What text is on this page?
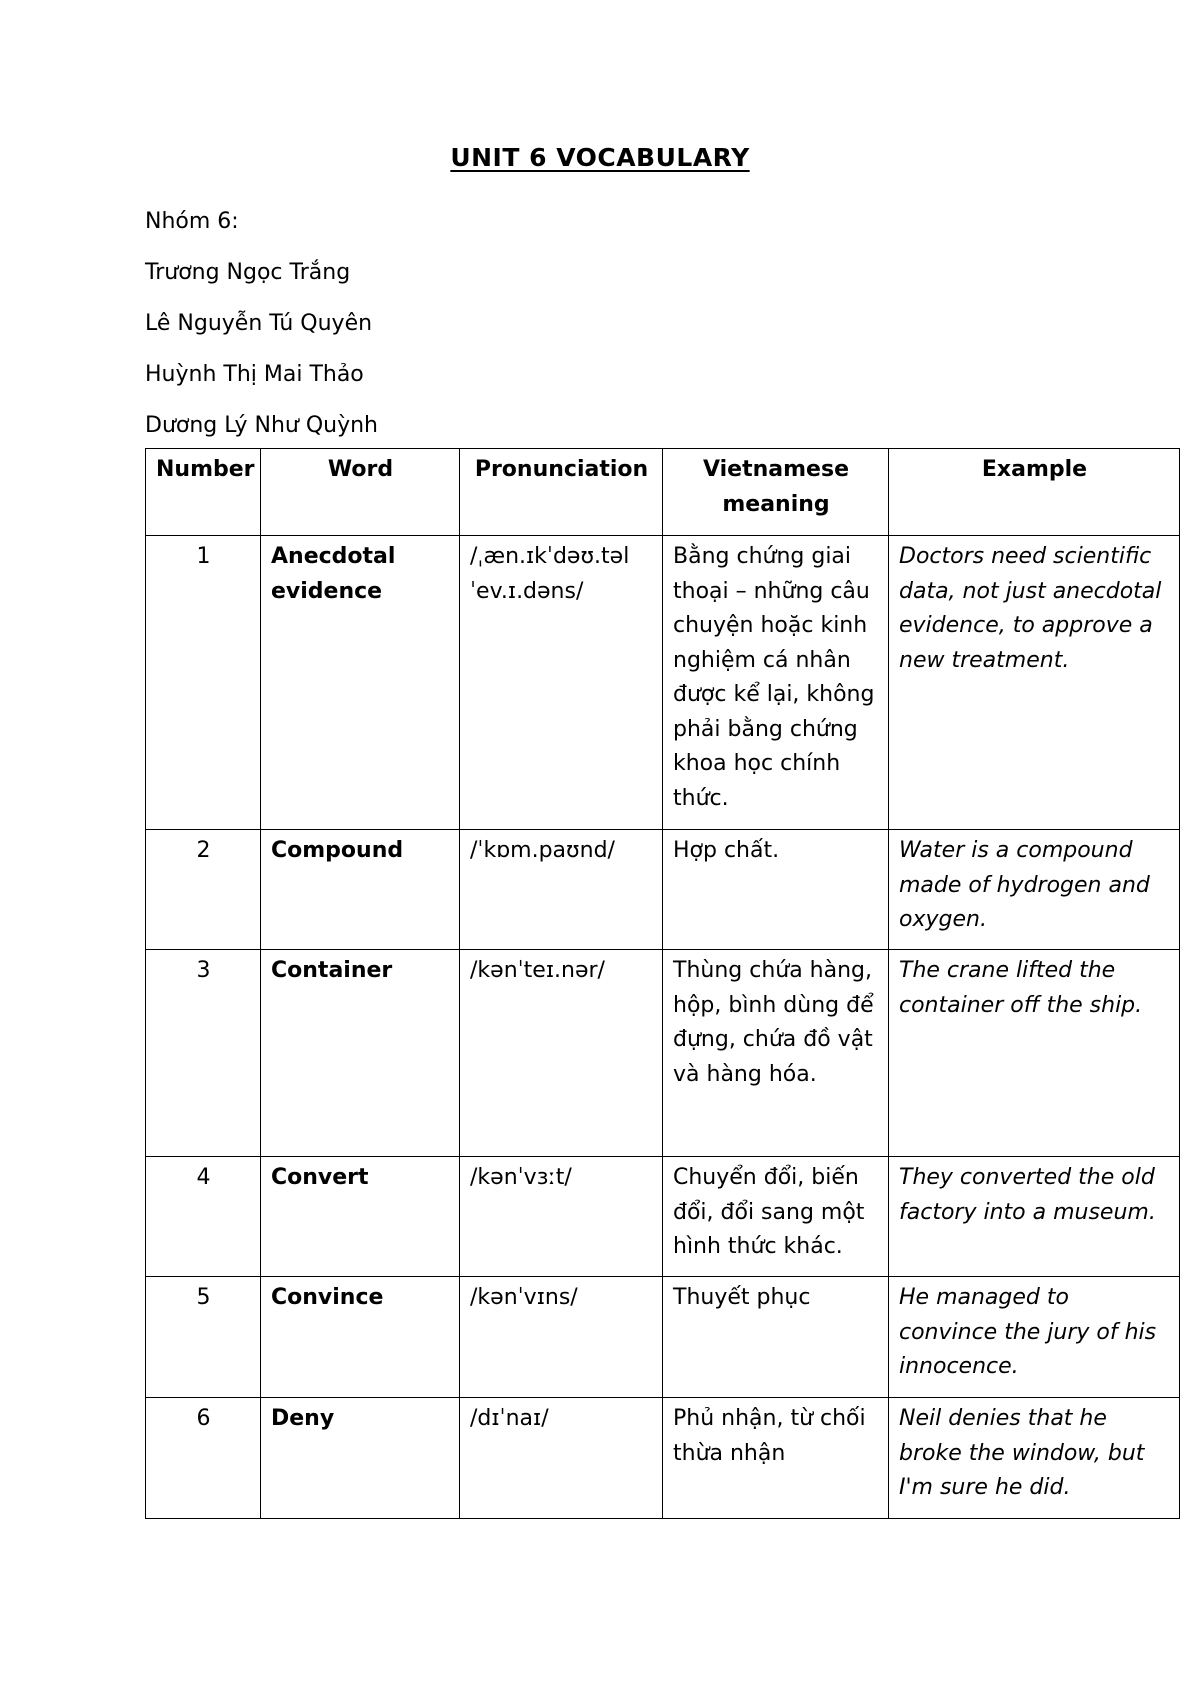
UNIT 6 VOCABULARY
Nhóm 6:
Trương Ngọc Trắng
Lê Nguyễn Tú Quyên
Huỳnh Thị Mai Thảo
Dương Lý Như Quỳnh
Number	Word	Pronunciation	Vietnamese meaning	Example
1	Anecdotal evidence	/ˌæn.ɪkˈdəʊ.təl ˈev.ɪ.dəns/	Bằng chứng giai thoại – những câu chuyện hoặc kinh nghiệm cá nhân được kể lại, không phải bằng chứng khoa học chính thức.	Doctors need scientific data, not just anecdotal evidence, to approve a new treatment.
2	Compound	/ˈkɒm.paʊnd/	Hợp chất.	Water is a compound made of hydrogen and oxygen.
3	Container	/kənˈteɪ.nər/	Thùng chứa hàng, hộp, bình dùng để đựng, chứa đồ vật và hàng hóa.	The crane lifted the container off the ship.
4	Convert	/kənˈvɜːt/	Chuyển đổi, biến đổi, đổi sang một hình thức khác.	They converted the old factory into a museum.
5	Convince	/kənˈvɪns/	Thuyết phục	He managed to convince the jury of his innocence.
6	Deny	/dɪˈnaɪ/	Phủ nhận, từ chối thừa nhận	Neil denies that he broke the window, but I'm sure he did.
